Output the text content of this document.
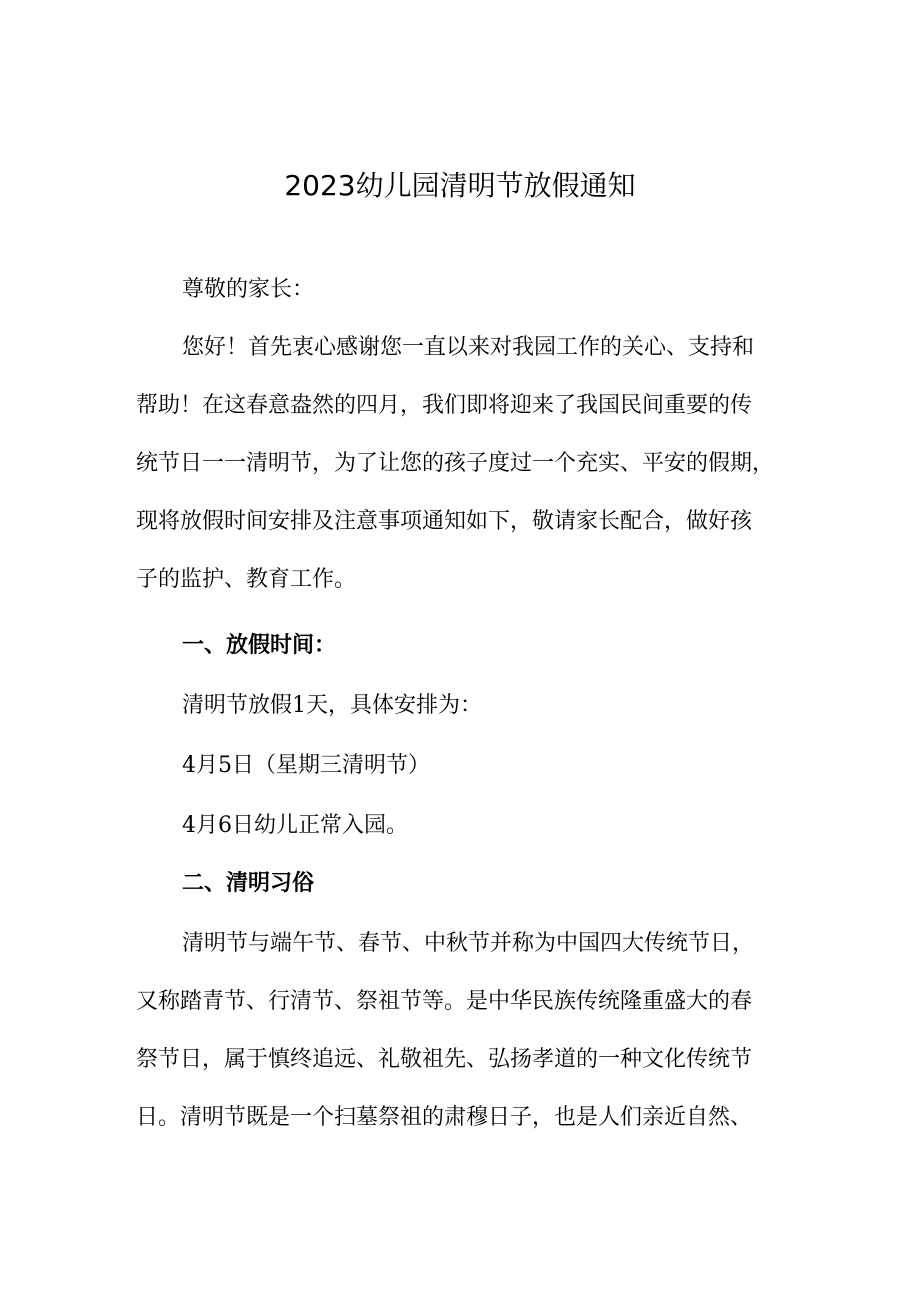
2023幼儿园清明节放假通知

尊敬的家长：

您好！首先衷心感谢您一直以来对我园工作的关心、支持和

帮助！在这春意盎然的四月，我们即将迎来了我国民间重要的传

统节日一一清明节，为了让您的孩子度过一个充实、平安的假期，

现将放假时间安排及注意事项通知如下，敬请家长配合，做好孩

子的监护、教育工作。

一、放假时间：

清明节放假1天，具体安排为：

4月5日（星期三清明节）

4月6日幼儿正常入园。

二、清明习俗

清明节与端午节、春节、中秋节并称为中国四大传统节日，

又称踏青节、行清节、祭祖节等。是中华民族传统隆重盛大的春

祭节日，属于慎终追远、礼敬祖先、弘扬孝道的一种文化传统节

日。清明节既是一个扫墓祭祖的肃穆日子，也是人们亲近自然、
